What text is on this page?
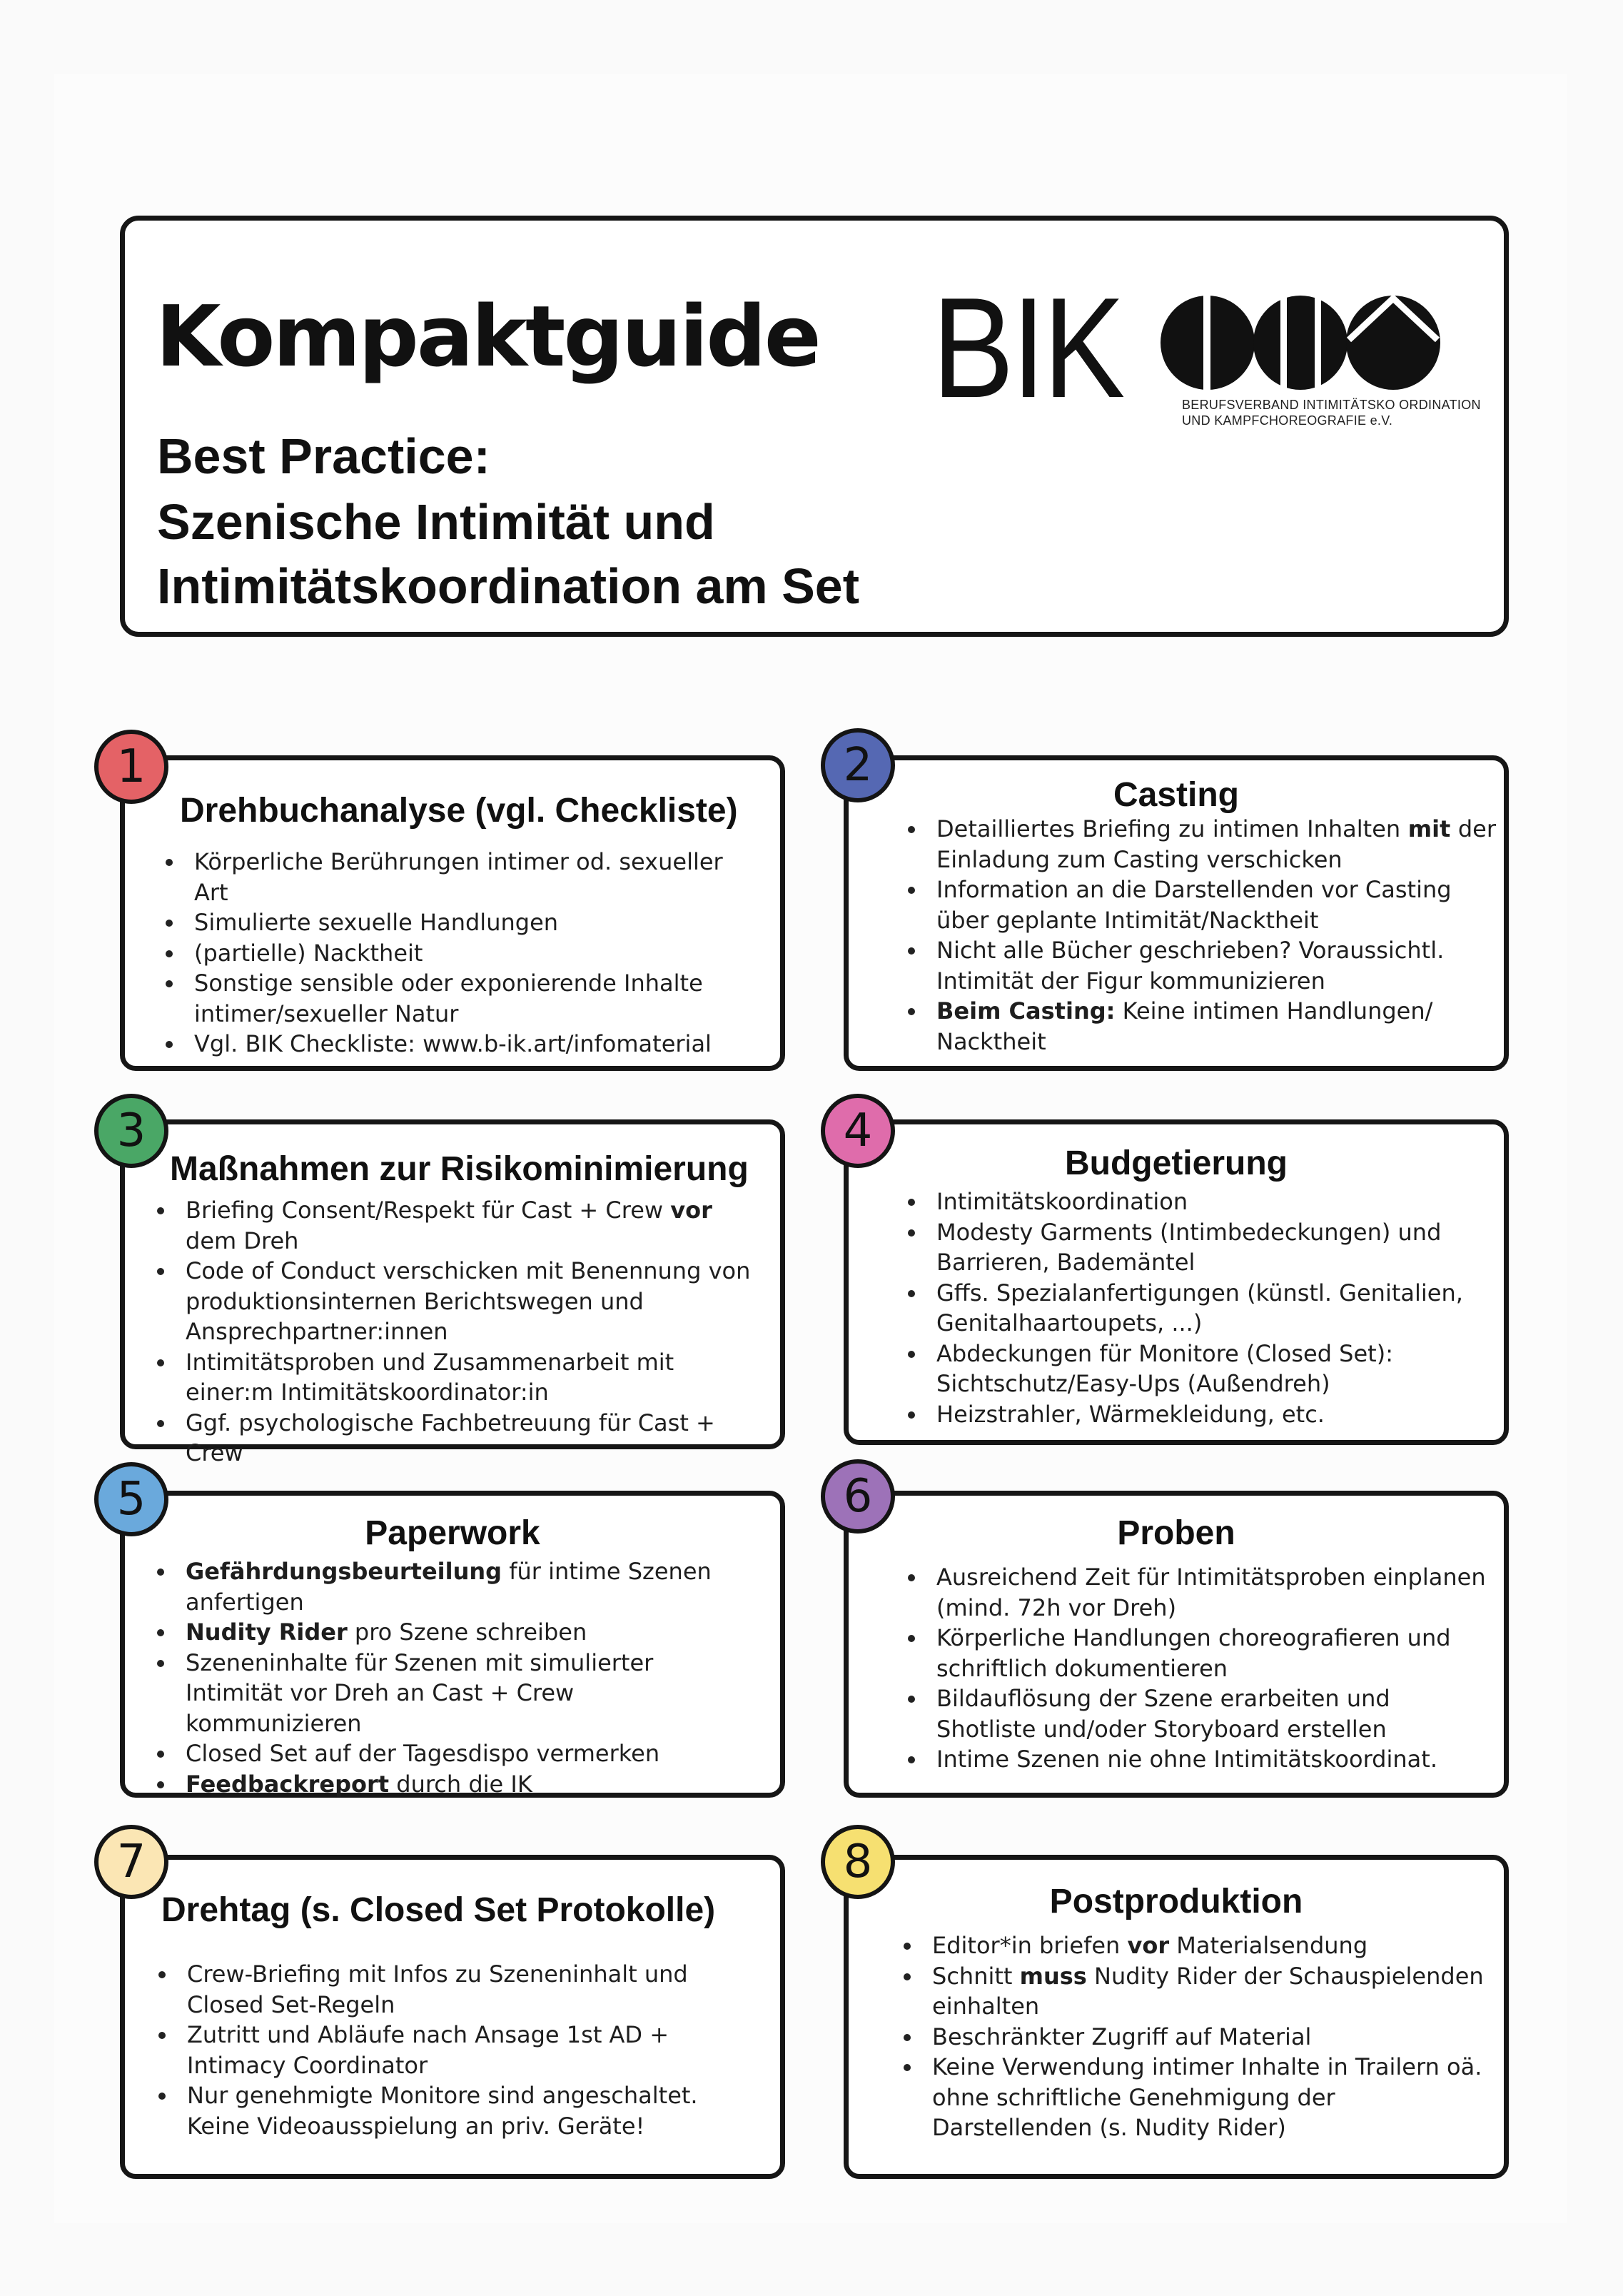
Kompaktguide

Best Practice:

Szenische Intimität und

Intimitätskoordination am Set

BIK	BERUFSVERBAND INTIMITÄTSKO ORDINATION
UND KAMPFCHOREOGRAFIE e.V.
1	2
3	4
5	6
7	8
Drehbuchanalyse (vgl. Checkliste)	Casting
Maßnahmen zur Risikominimierung	Budgetierung
Paperwork	Proben
Drehtag (s. Closed Set Protokolle)	Postproduktion
Körperliche Berührungen intimer od. sexueller Art
Simulierte sexuelle Handlungen
(partielle) Nacktheit
Sonstige sensible oder exponierende Inhalte intimer/sexueller Natur
Vgl. BIK Checkliste: www.b-ik.art/infomaterial
Detailliertes Briefing zu intimen Inhalten mit der Einladung zum Casting verschicken
Information an die Darstellenden vor Casting über geplante Intimität/Nacktheit
Nicht alle Bücher geschrieben? Voraussichtl. Intimität der Figur kommunizieren
Beim Casting: Keine intimen Handlungen/ Nacktheit
Briefing Consent/Respekt für Cast + Crew vor dem Dreh
Code of Conduct verschicken mit Benennung von produktionsinternen Berichtswegen und Ansprechpartner:innen
Intimitätsproben und Zusammenarbeit mit einer:m Intimitätskoordinator:in
Ggf. psychologische Fachbetreuung für Cast + Crew
Intimitätskoordination
Modesty Garments (Intimbedeckungen) und Barrieren, Bademäntel
Gffs. Spezialanfertigungen (künstl. Genitalien, Genitalhaartoupets, ...)
Abdeckungen für Monitore (Closed Set): Sichtschutz/Easy-Ups (Außendreh)
Heizstrahler, Wärmekleidung, etc.
Gefährdungsbeurteilung für intime Szenen anfertigen
Nudity Rider pro Szene schreiben
Szeneninhalte für Szenen mit simulierter Intimität vor Dreh an Cast + Crew kommunizieren
Closed Set auf der Tagesdispo vermerken
Feedbackreport durch die IK
Ausreichend Zeit für Intimitätsproben einplanen (mind. 72h vor Dreh)
Körperliche Handlungen choreografieren und schriftlich dokumentieren
Bildauflösung der Szene erarbeiten und Shotliste und/oder Storyboard erstellen
Intime Szenen nie ohne Intimitätskoordinat.
Crew-Briefing mit Infos zu Szeneninhalt und Closed Set-Regeln
Zutritt und Abläufe nach Ansage 1st AD + Intimacy Coordinator
Nur genehmigte Monitore sind angeschaltet. Keine Videoausspielung an priv. Geräte!
Editor*in briefen vor Materialsendung
Schnitt muss Nudity Rider der Schauspielenden einhalten
Beschränkter Zugriff auf Material
Keine Verwendung intimer Inhalte in Trailern oä. ohne schriftliche Genehmigung der Darstellenden (s. Nudity Rider)
